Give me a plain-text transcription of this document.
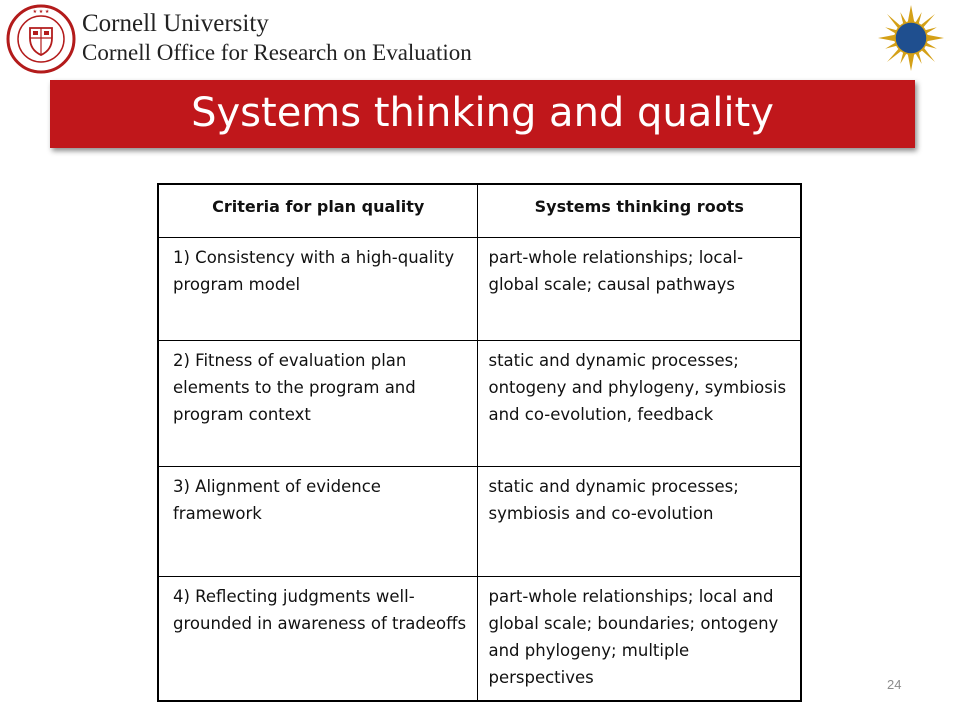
★ ★ ★ Cornell University
Cornell Office for Research on Evaluation
Systems thinking and quality
Criteria for plan quality	Systems thinking roots
1) Consistency with a high-quality program model	part-whole relationships; local-global scale; causal pathways
2) Fitness of evaluation plan elements to the program and program context	static and dynamic processes; ontogeny and phylogeny, symbiosis and co-evolution, feedback
3) Alignment of evidence framework	static and dynamic processes; symbiosis and co-evolution
4) Reflecting judgments well-grounded in awareness of tradeoffs	part-whole relationships; local and global scale; boundaries; ontogeny and phylogeny; multiple perspectives	24
